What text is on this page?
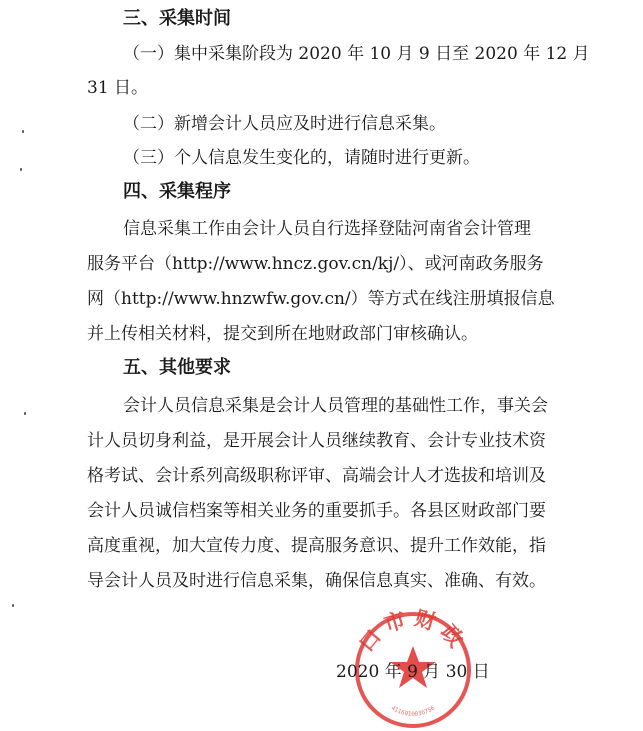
三、采集时间
（一）集中采集阶段为 2020 年 10 月 9 日至 2020 年 12 月
31 日。
（二）新增会计人员应及时进行信息采集。
（三）个人信息发生变化的，请随时进行更新。
四、采集程序
信息采集工作由会计人员自行选择登陆河南省会计管理
服务平台（http://www.hncz.gov.cn/kj/）、或河南政务服务
网（http://www.hnzwfw.gov.cn/）等方式在线注册填报信息
并上传相关材料，提交到所在地财政部门审核确认。
五、其他要求
会计人员信息采集是会计人员管理的基础性工作，事关会
计人员切身利益，是开展会计人员继续教育、会计专业技术资
格考试、会计系列高级职称评审、高端会计人才选拔和培训及
会计人员诚信档案等相关业务的重要抓手。各县区财政部门要
高度重视，加大宣传力度、提高服务意识、提升工作效能，指
导会计人员及时进行信息采集，确保信息真实、准确、有效。
口市财政
4116010036756
2020 年 9 月 30 日
